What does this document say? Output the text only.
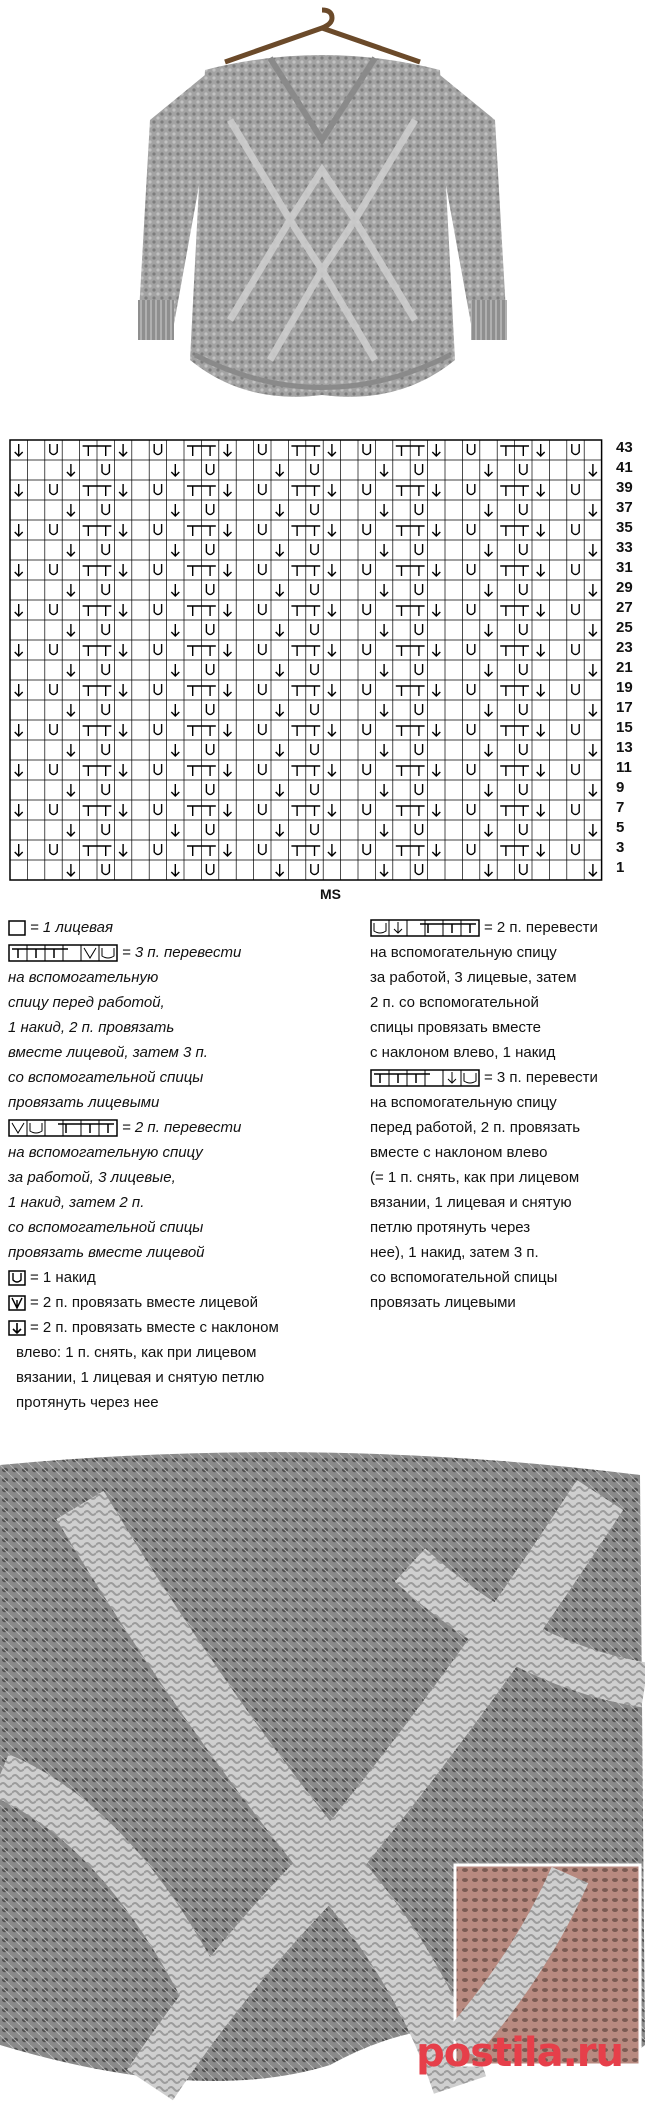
43
41
39
37
35
33
31
29
27
25
23
21
19
17
15
13
11
9
7
5
3
1
MS
= 1 лицевая
= 3 п. перевести

на вспомогательную

спицу перед работой,

1 накид, 2 п. провязать

вместе лицевой, затем 3 п.

со вспомогательной спицы

провязать лицевыми

= 2 п. перевести

на вспомогательную спицу

за работой, 3 лицевые,

1 накид, затем 2 п.

со вспомогательной спицы

провязать вместе лицевой

= 1 накид
= 2 п. провязать вместе лицевой
= 2 п. провязать вместе с наклоном

влево: 1 п. снять, как при лицевом

вязании, 1 лицевая и снятую петлю

протянуть через нее

= 2 п. перевести

на вспомогательную спицу

за работой, 3 лицевые, затем

2 п. со вспомогательной

спицы провязать вместе

с наклоном влево, 1 накид

= 3 п. перевести

на вспомогательную спицу

перед работой, 2 п. провязать

вместе с наклоном влево

(= 1 п. снять, как при лицевом

вязании, 1 лицевая и снятую

петлю протянуть через

нее), 1 накид, затем 3 п.

со вспомогательной спицы

провязать лицевыми

postila.ru
